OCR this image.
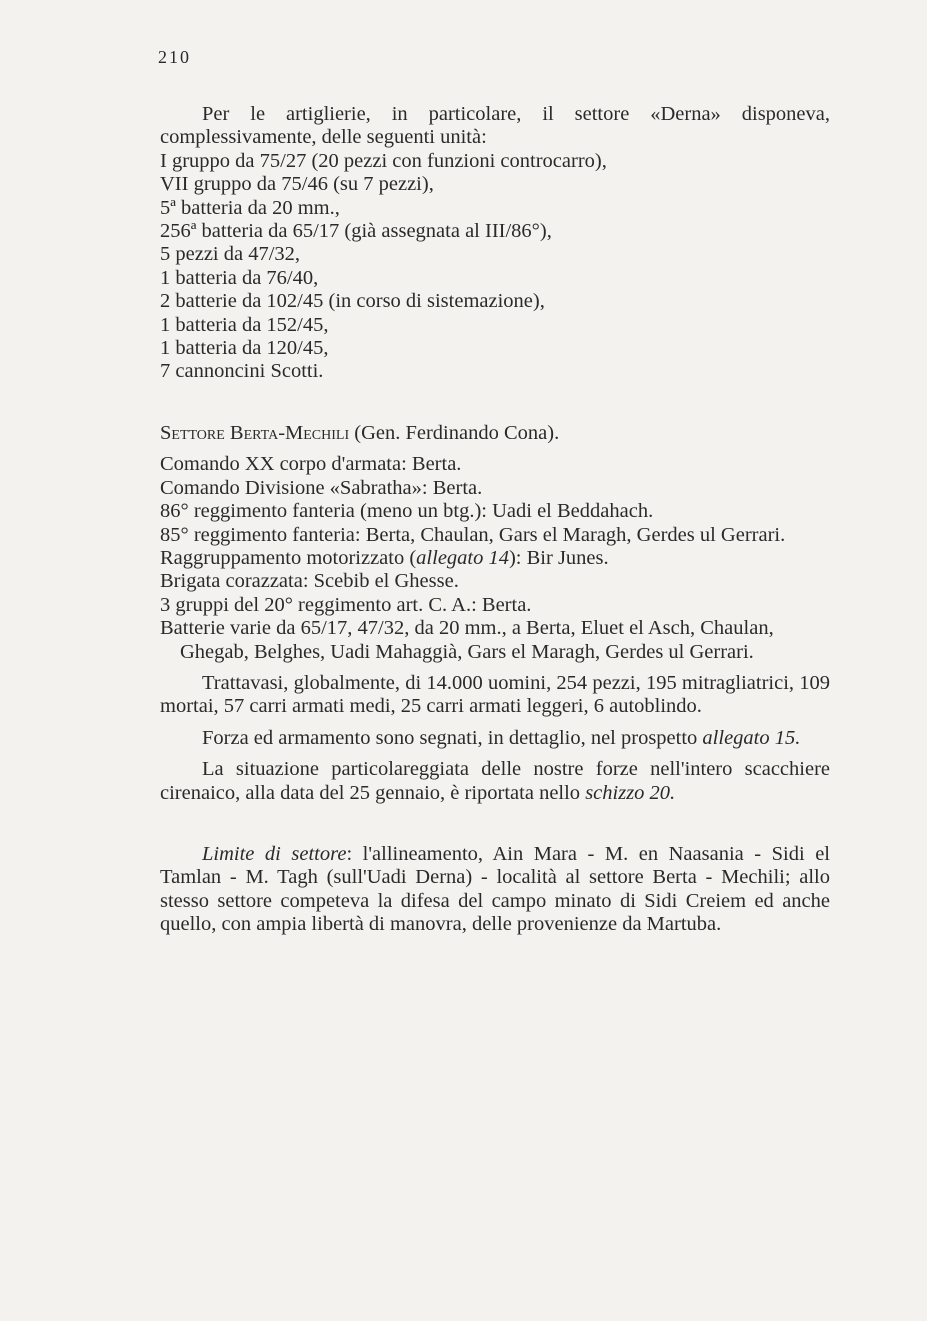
210

Per le artiglierie, in particolare, il settore «Derna» disponeva, complessivamente, delle seguenti unità:

I gruppo da 75/27 (20 pezzi con funzioni controcarro),

VII gruppo da 75/46 (su 7 pezzi),

5ª batteria da 20 mm.,

256ª batteria da 65/17 (già assegnata al III/86°),

5 pezzi da 47/32,

1 batteria da 76/40,

2 batterie da 102/45 (in corso di sistemazione),

1 batteria da 152/45,

1 batteria da 120/45,

7 cannoncini Scotti.

Settore Berta-Mechili (Gen. Ferdinando Cona).

Comando XX corpo d'armata: Berta.

Comando Divisione «Sabratha»: Berta.

86° reggimento fanteria (meno un btg.): Uadi el Beddahach.

85° reggimento fanteria: Berta, Chaulan, Gars el Maragh, Gerdes ul Gerrari.

Raggruppamento motorizzato (allegato 14): Bir Junes.

Brigata corazzata: Scebib el Ghesse.

3 gruppi del 20° reggimento art. C. A.: Berta.

Batterie varie da 65/17, 47/32, da 20 mm., a Berta, Eluet el Asch, Chaulan, Ghegab, Belghes, Uadi Mahaggià, Gars el Maragh, Gerdes ul Gerrari.

Trattavasi, globalmente, di 14.000 uomini, 254 pezzi, 195 mitragliatrici, 109 mortai, 57 carri armati medi, 25 carri armati leggeri, 6 autoblindo.

Forza ed armamento sono segnati, in dettaglio, nel prospetto allegato 15.

La situazione particolareggiata delle nostre forze nell'intero scacchiere cirenaico, alla data del 25 gennaio, è riportata nello schizzo 20.

Limite di settore: l'allineamento, Ain Mara - M. en Naasania - Sidi el Tamlan - M. Tagh (sull'Uadi Derna) - località al settore Berta - Mechili; allo stesso settore competeva la difesa del campo minato di Sidi Creiem ed anche quello, con ampia libertà di manovra, delle provenienze da Martuba.
